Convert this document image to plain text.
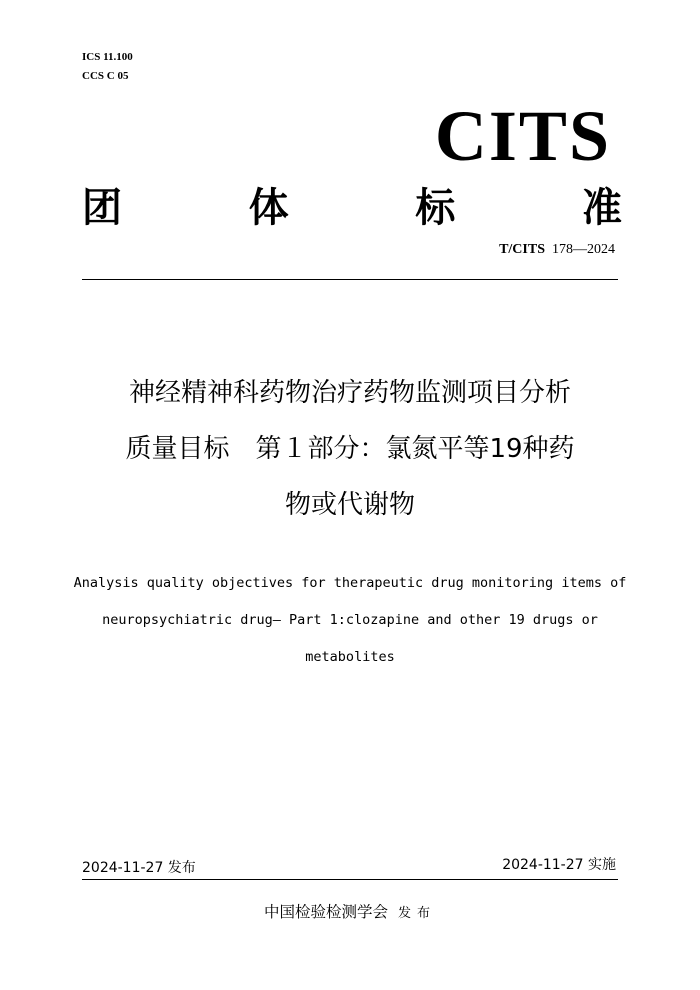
ICS 11.100
CCS C 05
CITS
团	体	标	准
T/CITS 178—2024
神经精神科药物治疗药物监测项目分析
质量目标　第１部分：氯氮平等19种药
物或代谢物
Analysis quality objectives for therapeutic drug monitoring items of
neuropsychiatric drug— Part 1:clozapine and other 19 drugs or
metabolites
2024-11-27 发布	2024-11-27 实施
中国检验检测学会 发布
